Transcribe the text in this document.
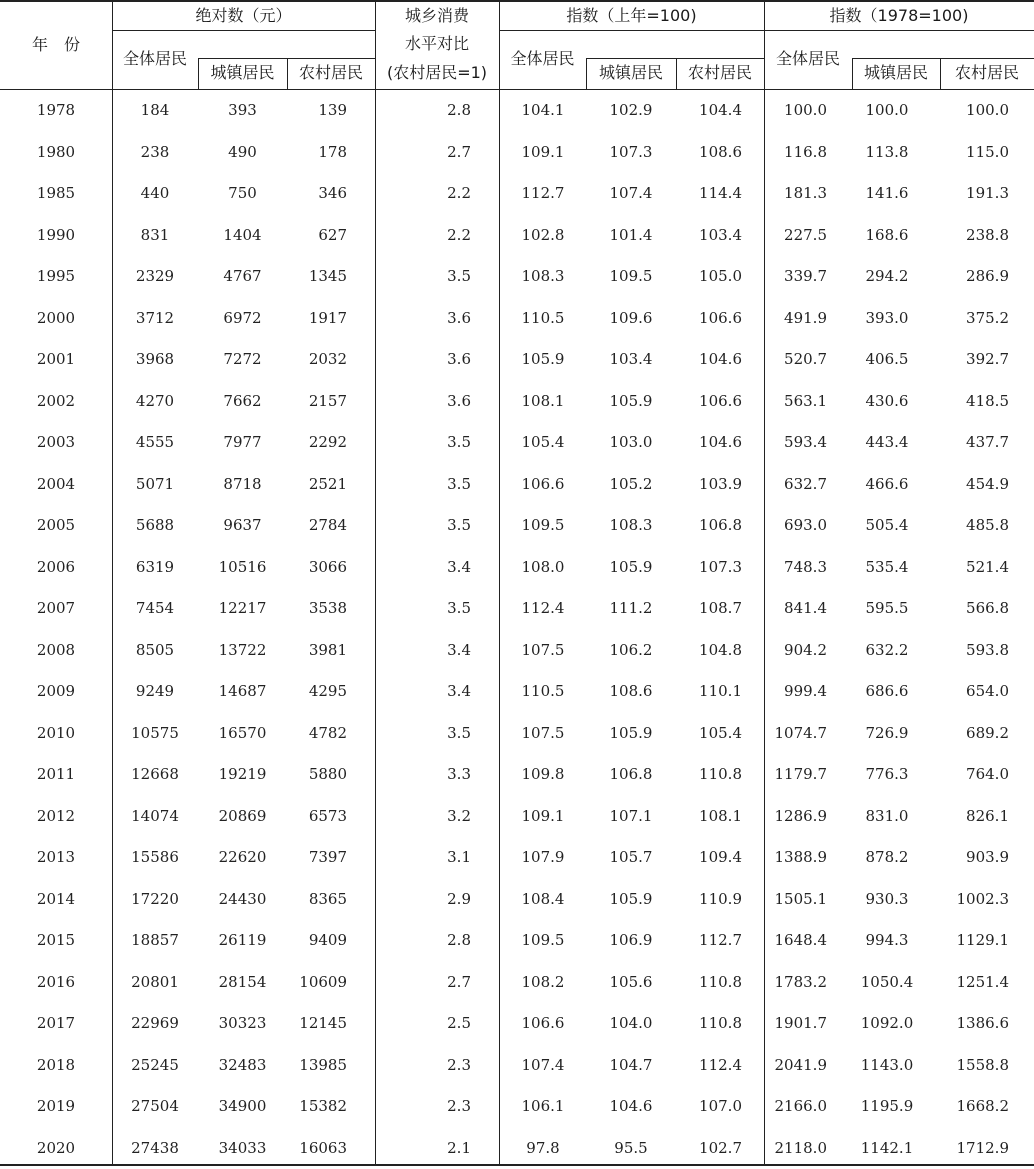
年　份
绝对数（元）
全体居民
城镇居民	农村居民
城乡消费
水平对比
(农村居民=1)
指数（上年=100)
全体居民
城镇居民	农村居民
指数（1978=100)
全体居民
城镇居民	农村居民
1978	184	393	139	2.8	104.1	102.9	104.4	100.0	100.0	100.0
1980	238	490	178	2.7	109.1	107.3	108.6	116.8	113.8	115.0
1985	440	750	346	2.2	112.7	107.4	114.4	181.3	141.6	191.3
1990	831	1404	627	2.2	102.8	101.4	103.4	227.5	168.6	238.8
1995	2329	4767	1345	3.5	108.3	109.5	105.0	339.7	294.2	286.9
2000	3712	6972	1917	3.6	110.5	109.6	106.6	491.9	393.0	375.2
2001	3968	7272	2032	3.6	105.9	103.4	104.6	520.7	406.5	392.7
2002	4270	7662	2157	3.6	108.1	105.9	106.6	563.1	430.6	418.5
2003	4555	7977	2292	3.5	105.4	103.0	104.6	593.4	443.4	437.7
2004	5071	8718	2521	3.5	106.6	105.2	103.9	632.7	466.6	454.9
2005	5688	9637	2784	3.5	109.5	108.3	106.8	693.0	505.4	485.8
2006	6319	10516	3066	3.4	108.0	105.9	107.3	748.3	535.4	521.4
2007	7454	12217	3538	3.5	112.4	111.2	108.7	841.4	595.5	566.8
2008	8505	13722	3981	3.4	107.5	106.2	104.8	904.2	632.2	593.8
2009	9249	14687	4295	3.4	110.5	108.6	110.1	999.4	686.6	654.0
2010	10575	16570	4782	3.5	107.5	105.9	105.4	1074.7	726.9	689.2
2011	12668	19219	5880	3.3	109.8	106.8	110.8	1179.7	776.3	764.0
2012	14074	20869	6573	3.2	109.1	107.1	108.1	1286.9	831.0	826.1
2013	15586	22620	7397	3.1	107.9	105.7	109.4	1388.9	878.2	903.9
2014	17220	24430	8365	2.9	108.4	105.9	110.9	1505.1	930.3	1002.3
2015	18857	26119	9409	2.8	109.5	106.9	112.7	1648.4	994.3	1129.1
2016	20801	28154	10609	2.7	108.2	105.6	110.8	1783.2	1050.4	1251.4
2017	22969	30323	12145	2.5	106.6	104.0	110.8	1901.7	1092.0	1386.6
2018	25245	32483	13985	2.3	107.4	104.7	112.4	2041.9	1143.0	1558.8
2019	27504	34900	15382	2.3	106.1	104.6	107.0	2166.0	1195.9	1668.2
2020	27438	34033	16063	2.1	97.8	95.5	102.7	2118.0	1142.1	1712.9
